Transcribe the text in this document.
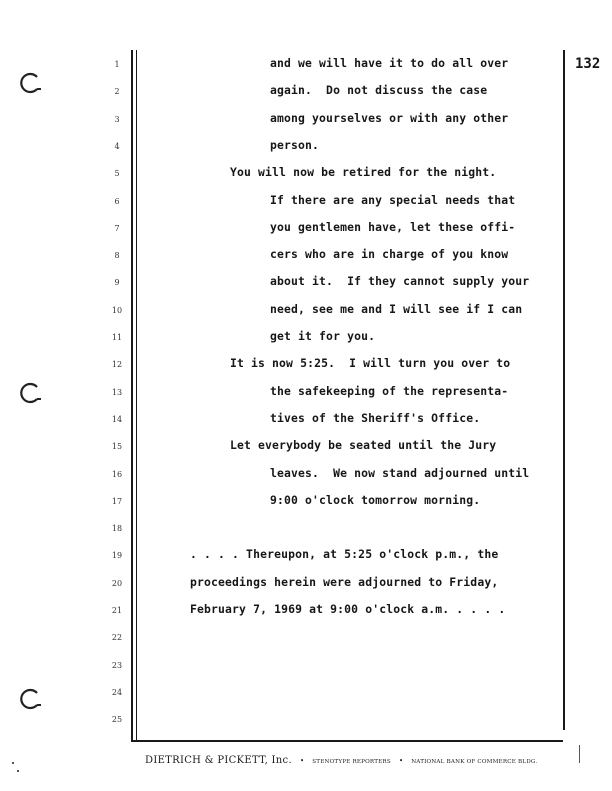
132
1
2
3
4
5
6
7
8
9
10
11
12
13
14
15
16
17
18
19
20
21
22
23
24
25
and we will have it to do all over
again.  Do not discuss the case
among yourselves or with any other
person.
You will now be retired for the night.
If there are any special needs that
you gentlemen have, let these offi-
cers who are in charge of you know
about it.  If they cannot supply your
need, see me and I will see if I can
get it for you.
It is now 5:25.  I will turn you over to
the safekeeping of the representa-
tives of the Sheriff's Office.
Let everybody be seated until the Jury
leaves.  We now stand adjourned until
9:00 o'clock tomorrow morning.
. . . . Thereupon, at 5:25 o'clock p.m., the
proceedings herein were adjourned to Friday,
February 7, 1969 at 9:00 o'clock a.m. . . . .
DIETRICH & PICKETT, Inc. • STENOTYPE REPORTERS • NATIONAL BANK OF COMMERCE BLDG.
